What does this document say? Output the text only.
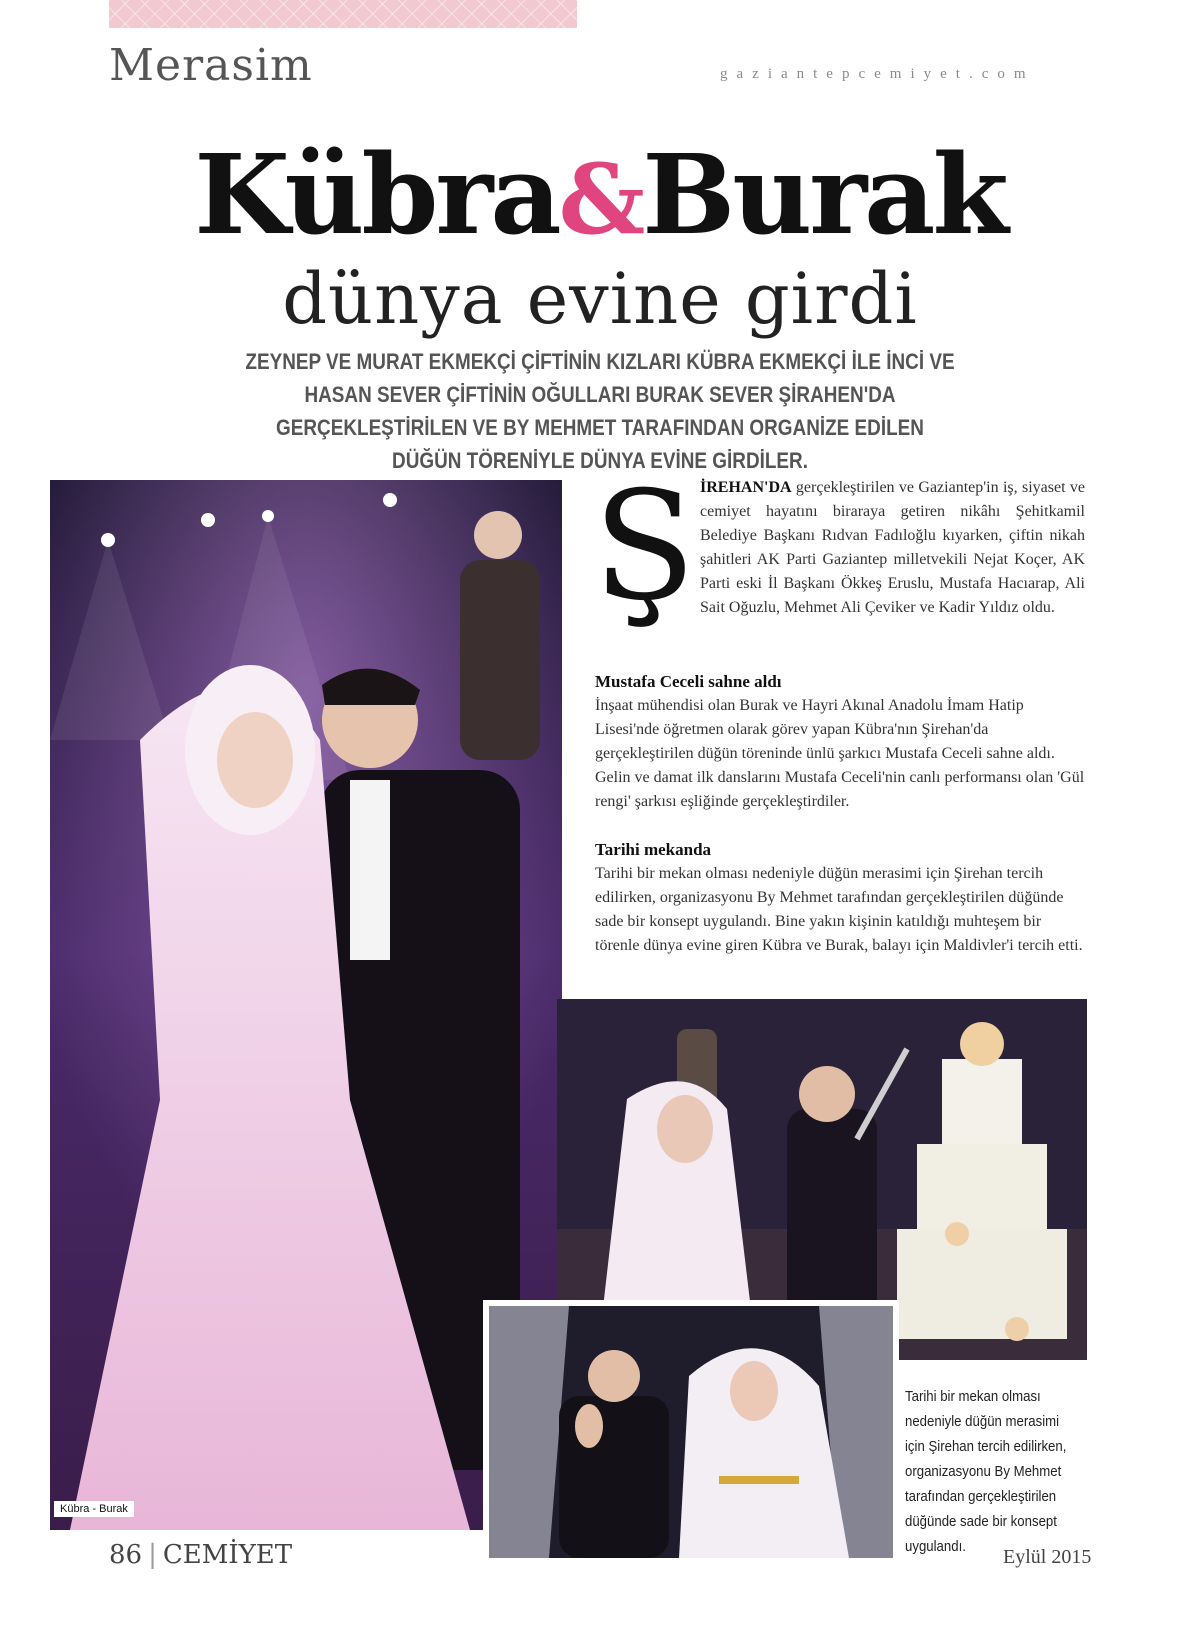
Merasim	gaziantepcemiyet.com
Kübra&Burak
dünya evine girdi
ZEYNEP VE MURAT EKMEKÇİ ÇİFTİNİN KIZLARI KÜBRA EKMEKÇİ İLE İNCİ VE HASAN SEVER ÇİFTİNİN OĞULLARI BURAK SEVER ŞİRAHEN'DA GERÇEKLEŞTİRİLEN VE BY MEHMET TARAFINDAN ORGANİZE EDİLEN DÜĞÜN TÖRENİYLE DÜNYA EVİNE GİRDİLER.
Kübra - Burak
Ş İREHAN'DA gerçekleştirilen ve Gaziantep'in iş, siyaset ve cemiyet hayatını biraraya getiren nikâhı Şehitkamil Belediye Başkanı Rıdvan Fadıloğlu kıyarken, çiftin nikah şahitleri AK Parti Gaziantep milletvekili Nejat Koçer, AK Parti eski İl Başkanı Ökkeş Eruslu, Mustafa Hacıarap, Ali Sait Oğuzlu, Mehmet Ali Çeviker ve Kadir Yıldız oldu.
Mustafa Ceceli sahne aldı
İnşaat mühendisi olan Burak ve Hayri Akınal Anadolu İmam Hatip Lisesi'nde öğretmen olarak görev yapan Kübra'nın Şirehan'da gerçekleştirilen düğün töreninde ünlü şarkıcı Mustafa Ceceli sahne aldı. Gelin ve damat ilk danslarını Mustafa Ceceli'nin canlı performansı olan 'Gül rengi' şarkısı eşliğinde gerçekleştirdiler.
Tarihi mekanda
Tarihi bir mekan olması nedeniyle düğün merasimi için Şirehan tercih edilirken, organizasyonu By Mehmet tarafından gerçekleştirilen düğünde sade bir konsept uygulandı. Bine yakın kişinin katıldığı muhteşem bir törenle dünya evine giren Kübra ve Burak, balayı için Maldivler'i tercih etti.
Tarihi bir mekan olması nedeniyle düğün merasimi için Şirehan tercih edilirken, organizasyonu By Mehmet tarafından gerçekleştirilen düğünde sade bir konsept uygulandı.
86 | CEMİYET	Eylül 2015
